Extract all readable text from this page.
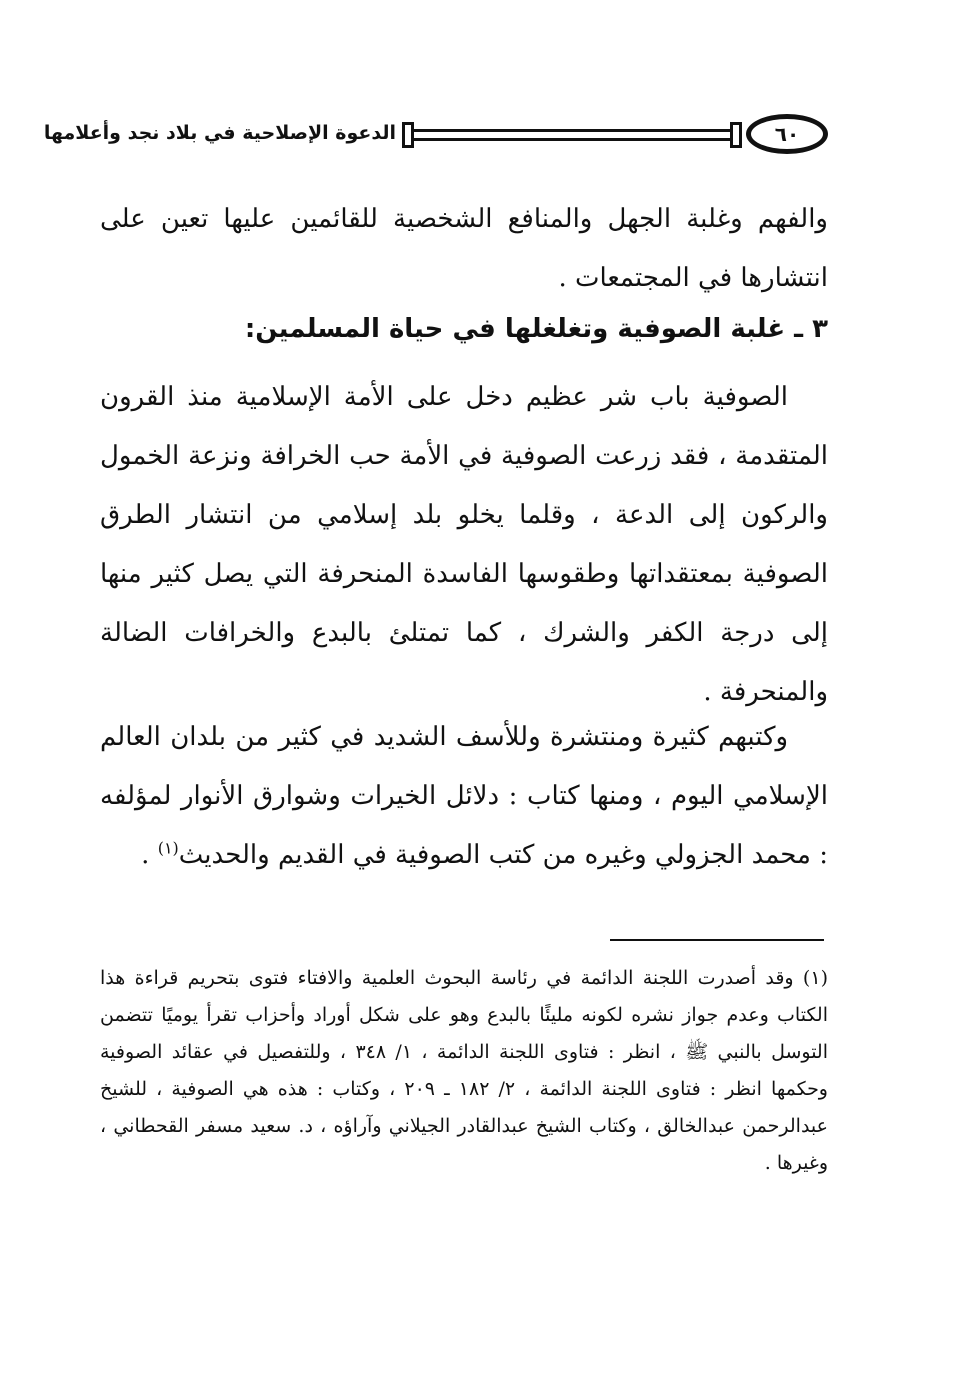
٦٠
الدعوة الإصلاحية في بلاد نجد وأعلامها

والفهم وغلبة الجهل والمنافع الشخصية للقائمين عليها تعين على انتشارها في المجتمعات .

٣ ـ غلبة الصوفية وتغلغلها في حياة المسلمين:

الصوفية باب شر عظيم دخل على الأمة الإسلامية منذ القرون المتقدمة ، فقد زرعت الصوفية في الأمة حب الخرافة ونزعة الخمول والركون إلى الدعة ، وقلما يخلو بلد إسلامي من انتشار الطرق الصوفية بمعتقداتها وطقوسها الفاسدة المنحرفة التي يصل كثير منها إلى درجة الكفر والشرك ، كما تمتلئ بالبدع والخرافات الضالة والمنحرفة .

وكتبهم كثيرة ومنتشرة وللأسف الشديد في كثير من بلدان العالم الإسلامي اليوم ، ومنها كتاب : دلائل الخيرات وشوارق الأنوار لمؤلفه : محمد الجزولي وغيره من كتب الصوفية في القديم والحديث$^{(١)}$ .

(١) وقد أصدرت اللجنة الدائمة في رئاسة البحوث العلمية والافتاء فتوى بتحريم قراءة هذا الكتاب وعدم جواز نشره لكونه مليئًا بالبدع وهو على شكل أوراد وأحزاب تقرأ يوميًا تتضمن التوسل بالنبي ﷺ ، انظر : فتاوى اللجنة الدائمة ، ١/ ٣٤٨ ، وللتفصيل في عقائد الصوفية وحكمها انظر : فتاوى اللجنة الدائمة ، ٢/ ١٨٢ ـ ٢٠٩ ، وكتاب : هذه هي الصوفية ، للشيخ عبدالرحمن عبدالخالق ، وكتاب الشيخ عبدالقادر الجيلاني وآراؤه ، د. سعيد مسفر القحطاني ، وغيرها .
